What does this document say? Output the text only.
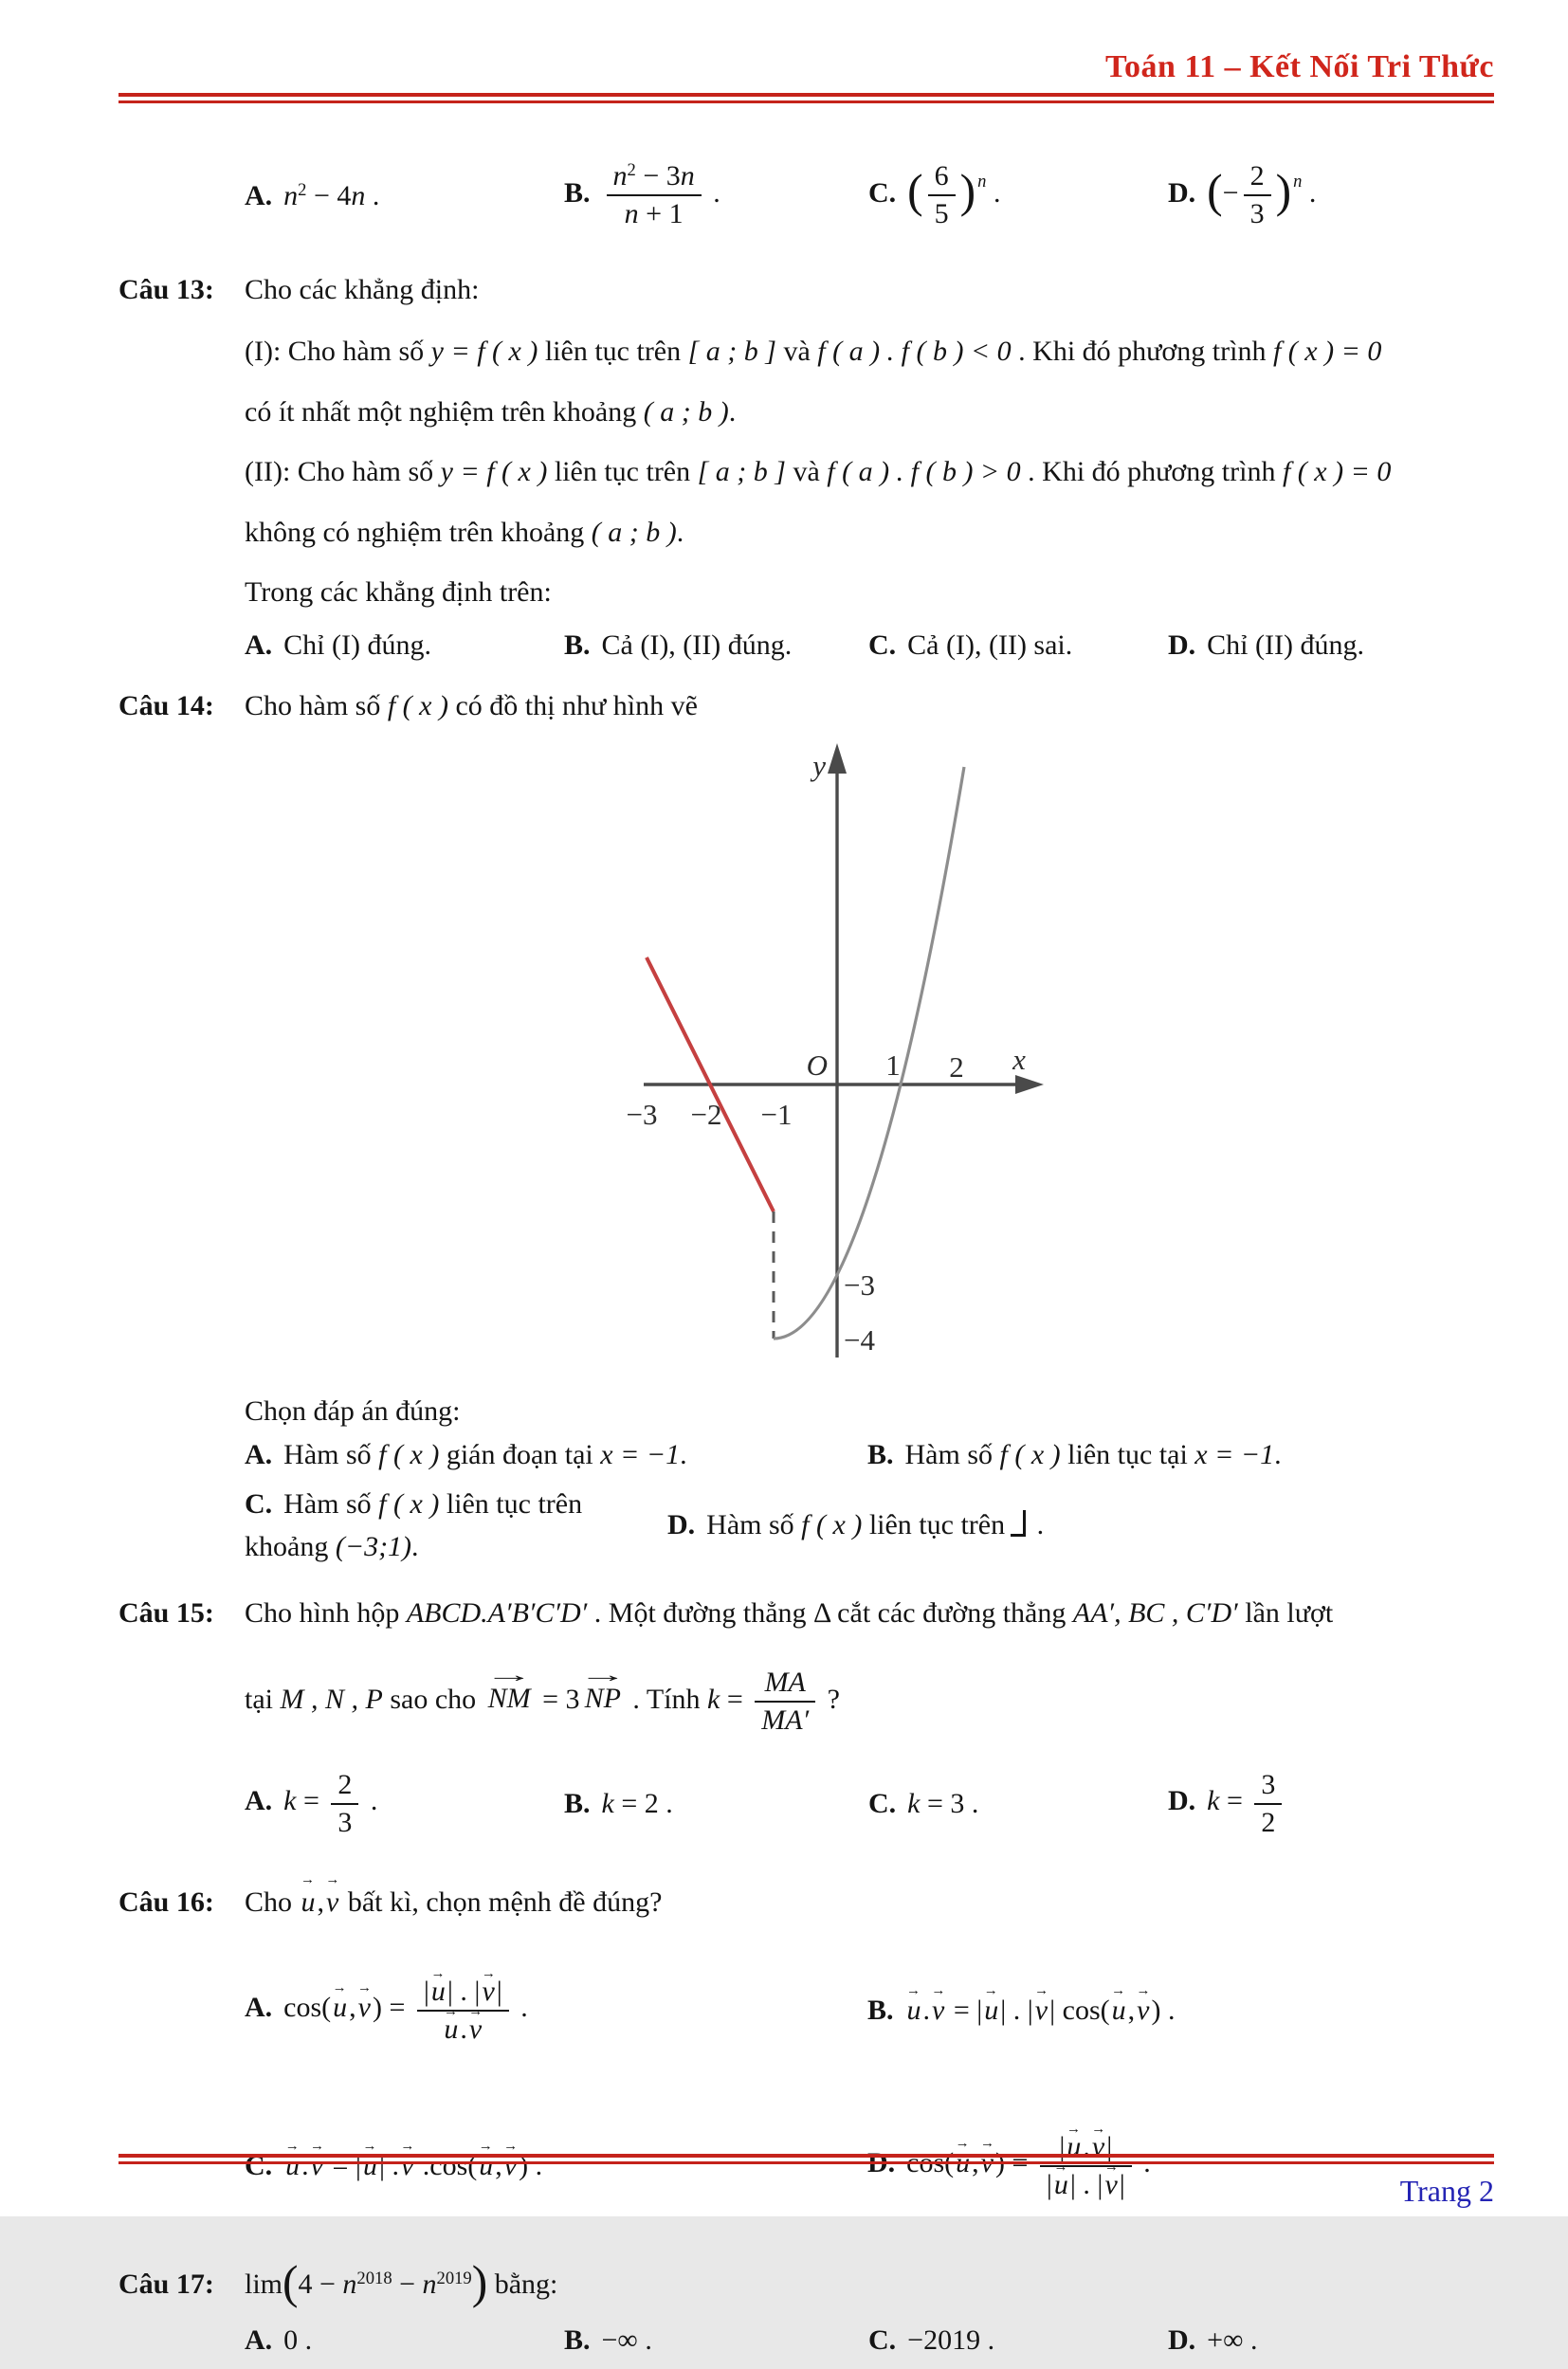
Toán 11 – Kết Nối Tri Thức
A. $n^2 - 4n$ .	B. $\frac{n^2 - 3n}{n + 1}$ .	C. ( $\frac{6}{5}$ ) $^n$ .	D. (− $\frac{2}{3}$ ) $^n$ .
Câu 13: Cho các khẳng định:
(I): Cho hàm số y = f ( x ) liên tục trên [ a ; b ] và f ( a ) . f ( b ) < 0 . Khi đó phương trình f ( x ) = 0
có ít nhất một nghiệm trên khoảng ( a ; b ).
(II): Cho hàm số y = f ( x ) liên tục trên [ a ; b ] và f ( a ) . f ( b ) > 0 . Khi đó phương trình f ( x ) = 0
không có nghiệm trên khoảng ( a ; b ).
Trong các khẳng định trên:
A. Chỉ (I) đúng.	B. Cả (I), (II) đúng.	C. Cả (I), (II) sai.	D. Chỉ (II) đúng.
Câu 14: Cho hàm số f ( x ) có đồ thị như hình vẽ
y
x
O 1 2
−3 −2 −1
−3
−4
Chọn đáp án đúng:
A. Hàm số f ( x ) gián đoạn tại x = −1.	B. Hàm số f ( x ) liên tục tại x = −1.
C. Hàm số f ( x ) liên tục trên khoảng (−3;1).
D. Hàm số f ( x ) liên tục trên .
Câu 15: Cho hình hộp ABCD.A′B′C′D′ . Một đường thẳng Δ cắt các đường thẳng AA′, BC , C′D′ lần lượt
tại M , N , P sao cho → NM = 3 → NP . Tính $k = \frac{MA}{MA'}$ ?
A. $k = \frac{2}{3}$ .	B. k = 2 .	C. k = 3 .	D. $k = \frac{3}{2}$
Câu 16: Cho → u,→ v bất kì, chọn mệnh đề đúng?
A. cos(→ u,→ v) = |→ u| . |→ v|
→ u.→ v .	B. → u.→ v = |→ u| . |→ v| cos(→ u,→ v) .
C. → u.→ v = |→ u| .→ v .cos(→ u,→ v) .	D. $\cos(\to u,\to v) = \frac{|\to u.\to v|}{|\to u| . |\to v|}$ .
Câu 17: $\lim(4 - n^{2018} - n^{2019})$ bằng:
A. 0 .	B. −∞ .	C. −2019 .	D. +∞ .
Trang 2
